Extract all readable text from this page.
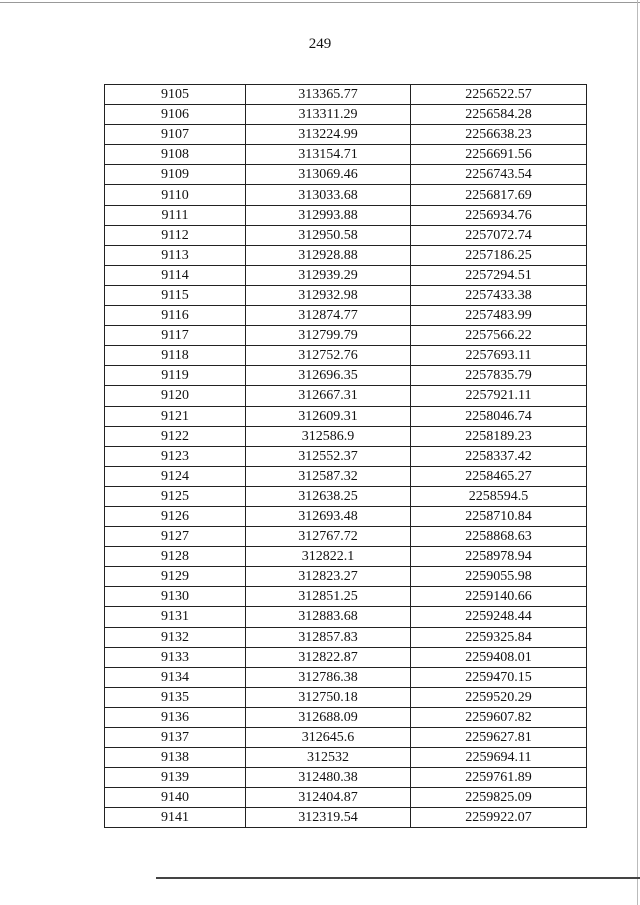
249
9105	313365.77	2256522.57
9106	313311.29	2256584.28
9107	313224.99	2256638.23
9108	313154.71	2256691.56
9109	313069.46	2256743.54
9110	313033.68	2256817.69
9111	312993.88	2256934.76
9112	312950.58	2257072.74
9113	312928.88	2257186.25
9114	312939.29	2257294.51
9115	312932.98	2257433.38
9116	312874.77	2257483.99
9117	312799.79	2257566.22
9118	312752.76	2257693.11
9119	312696.35	2257835.79
9120	312667.31	2257921.11
9121	312609.31	2258046.74
9122	312586.9	2258189.23
9123	312552.37	2258337.42
9124	312587.32	2258465.27
9125	312638.25	2258594.5
9126	312693.48	2258710.84
9127	312767.72	2258868.63
9128	312822.1	2258978.94
9129	312823.27	2259055.98
9130	312851.25	2259140.66
9131	312883.68	2259248.44
9132	312857.83	2259325.84
9133	312822.87	2259408.01
9134	312786.38	2259470.15
9135	312750.18	2259520.29
9136	312688.09	2259607.82
9137	312645.6	2259627.81
9138	312532	2259694.11
9139	312480.38	2259761.89
9140	312404.87	2259825.09
9141	312319.54	2259922.07
